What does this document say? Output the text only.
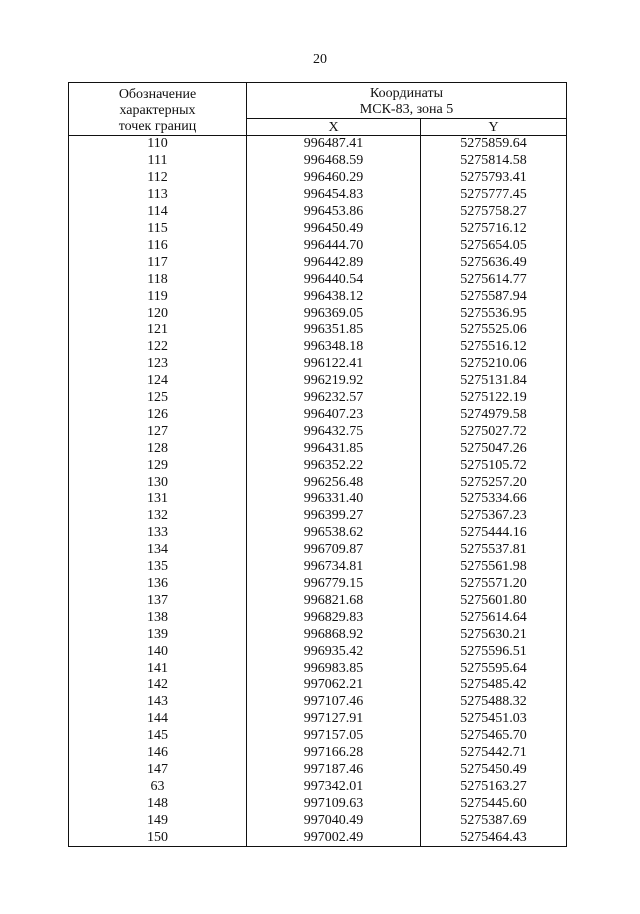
20
Обозначение
характерных
точек границ	Координаты
МСК-83, зона 5	

	X	Y
110	996487.41	5275859.64
111	996468.59	5275814.58
112	996460.29	5275793.41
113	996454.83	5275777.45
114	996453.86	5275758.27
115	996450.49	5275716.12
116	996444.70	5275654.05
117	996442.89	5275636.49
118	996440.54	5275614.77
119	996438.12	5275587.94
120	996369.05	5275536.95
121	996351.85	5275525.06
122	996348.18	5275516.12
123	996122.41	5275210.06
124	996219.92	5275131.84
125	996232.57	5275122.19
126	996407.23	5274979.58
127	996432.75	5275027.72
128	996431.85	5275047.26
129	996352.22	5275105.72
130	996256.48	5275257.20
131	996331.40	5275334.66
132	996399.27	5275367.23
133	996538.62	5275444.16
134	996709.87	5275537.81
135	996734.81	5275561.98
136	996779.15	5275571.20
137	996821.68	5275601.80
138	996829.83	5275614.64
139	996868.92	5275630.21
140	996935.42	5275596.51
141	996983.85	5275595.64
142	997062.21	5275485.42
143	997107.46	5275488.32
144	997127.91	5275451.03
145	997157.05	5275465.70
146	997166.28	5275442.71
147	997187.46	5275450.49
63	997342.01	5275163.27
148	997109.63	5275445.60
149	997040.49	5275387.69
150	997002.49	5275464.43
